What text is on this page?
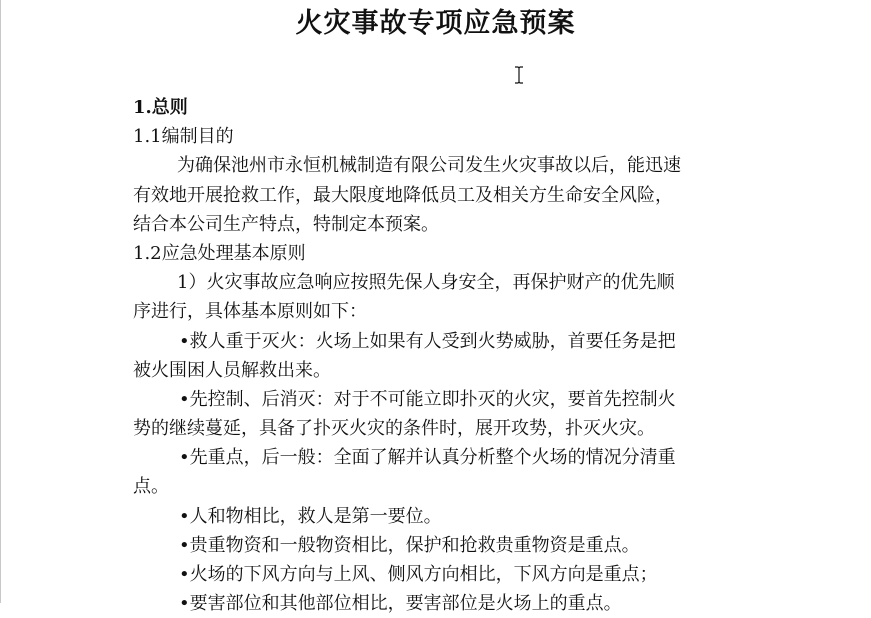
火灾事故专项应急预案
1.总则
1.1编制目的
为确保池州市永恒机械制造有限公司发生火灾事故以后，能迅速
有效地开展抢救工作，最大限度地降低员工及相关方生命安全风险，
结合本公司生产特点，特制定本预案。
1.2应急处理基本原则
1）火灾事故应急响应按照先保人身安全，再保护财产的优先顺
序进行，具体基本原则如下：
•救人重于灭火：火场上如果有人受到火势威胁，首要任务是把
被火围困人员解救出来。
•先控制、后消灭：对于不可能立即扑灭的火灾，要首先控制火
势的继续蔓延，具备了扑灭火灾的条件时，展开攻势，扑灭火灾。
•先重点，后一般：全面了解并认真分析整个火场的情况分清重
点。
•人和物相比，救人是第一要位。
•贵重物资和一般物资相比，保护和抢救贵重物资是重点。
•火场的下风方向与上风、侧风方向相比，下风方向是重点；
•要害部位和其他部位相比，要害部位是火场上的重点。
